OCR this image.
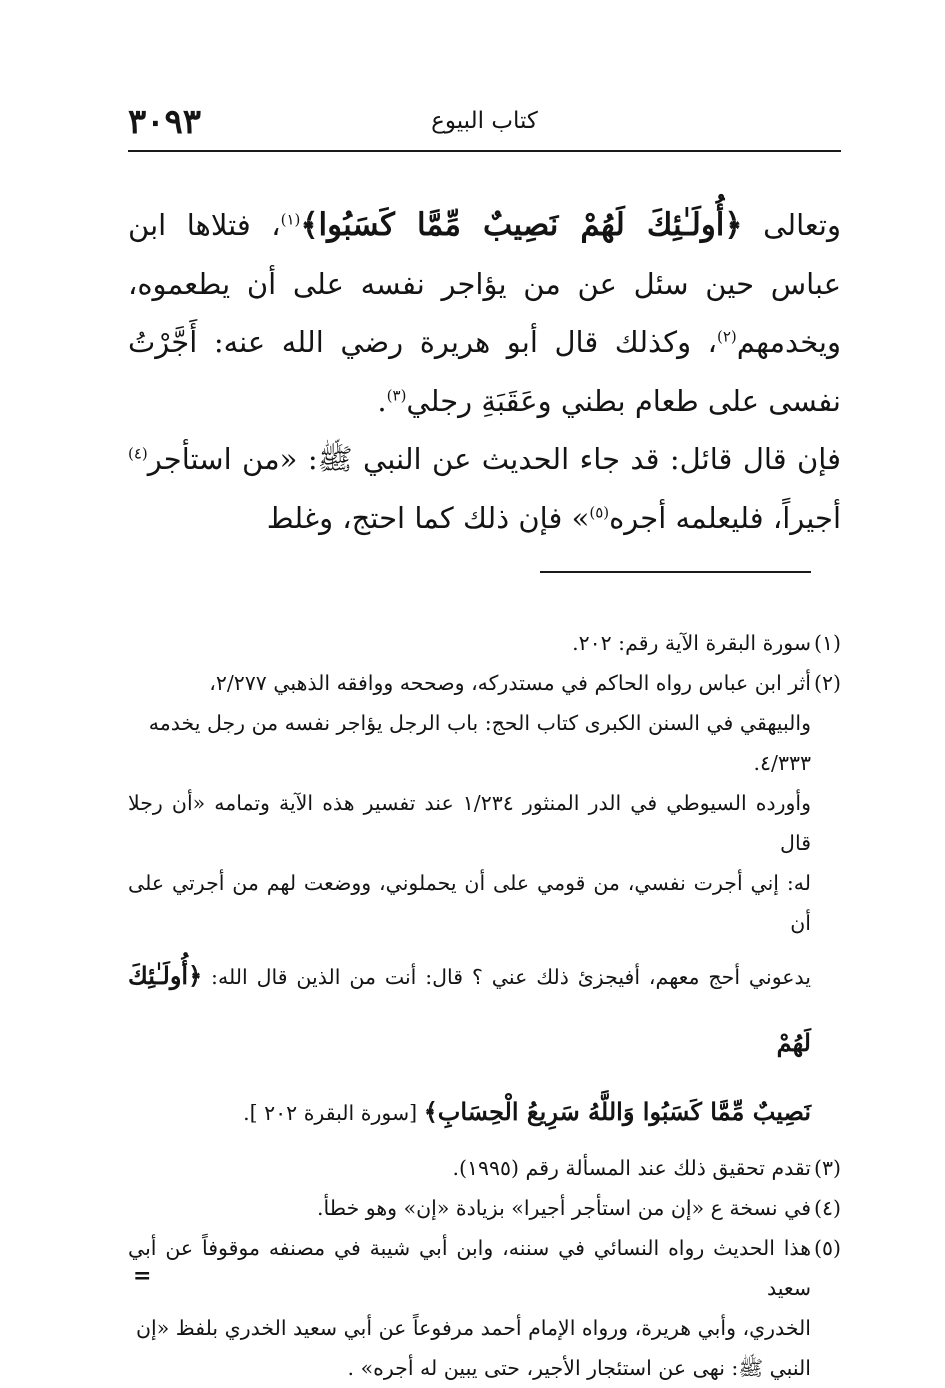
كتاب البيوع
٣٠٩٣

وتعالى ﴿أُولَـٰئِكَ لَهُمْ نَصِيبٌ مِّمَّا كَسَبُوا﴾$^{(١)}$، فتلاها ابن عباس حين سئل عن من يؤاجر نفسه على أن يطعموه، ويخدمهم$^{(٢)}$، وكذلك قال أبو هريرة رضي الله عنه: أَجَّرْتُ نفسى على طعام بطني وعَقَبَةِ رجلي$^{(٣)}$.

فإن قال قائل: قد جاء الحديث عن النبي ﷺ: «من استأجر$^{(٤)}$ أجيراً، فليعلمه أجره$^{(٥)}$» فإن ذلك كما احتج، وغلط

(١)
سورة البقرة الآية رقم: ٢٠٢.
(٢)
أثر ابن عباس رواه الحاكم في مستدركه، وصححه ووافقه الذهبي ٢/٢٧٧،
والبيهقي في السنن الكبرى كتاب الحج: باب الرجل يؤاجر نفسه من رجل يخدمه
٤/٣٣٣.
وأورده السيوطي في الدر المنثور ١/٢٣٤ عند تفسير هذه الآية وتمامه «أن رجلا قال
له: إني أجرت نفسي، من قومي على أن يحملوني، ووضعت لهم من أجرتي على أن
يدعوني أحج معهم، أفيجزئ ذلك عني ؟ قال: أنت من الذين قال الله: ﴿أُولَـٰئِكَ لَهُمْ
نَصِيبٌ مِّمَّا كَسَبُوا وَاللَّهُ سَرِيعُ الْحِسَابِ﴾ [سورة البقرة ٢٠٢ ].
(٣)
تقدم تحقيق ذلك عند المسألة رقم (١٩٩٥).
(٤)
في نسخة ع «إن من استأجر أجيرا» بزيادة «إن» وهو خطأ.
(٥)
هذا الحديث رواه النسائي في سننه، وابن أبي شيبة في مصنفه موقوفاً عن أبي سعيد
الخدري، وأبي هريرة، ورواه الإمام أحمد مرفوعاً عن أبي سعيد الخدري بلفظ «إن
النبي ﷺ: نهى عن استئجار الأجير، حتى يبين له أجره» .
=
